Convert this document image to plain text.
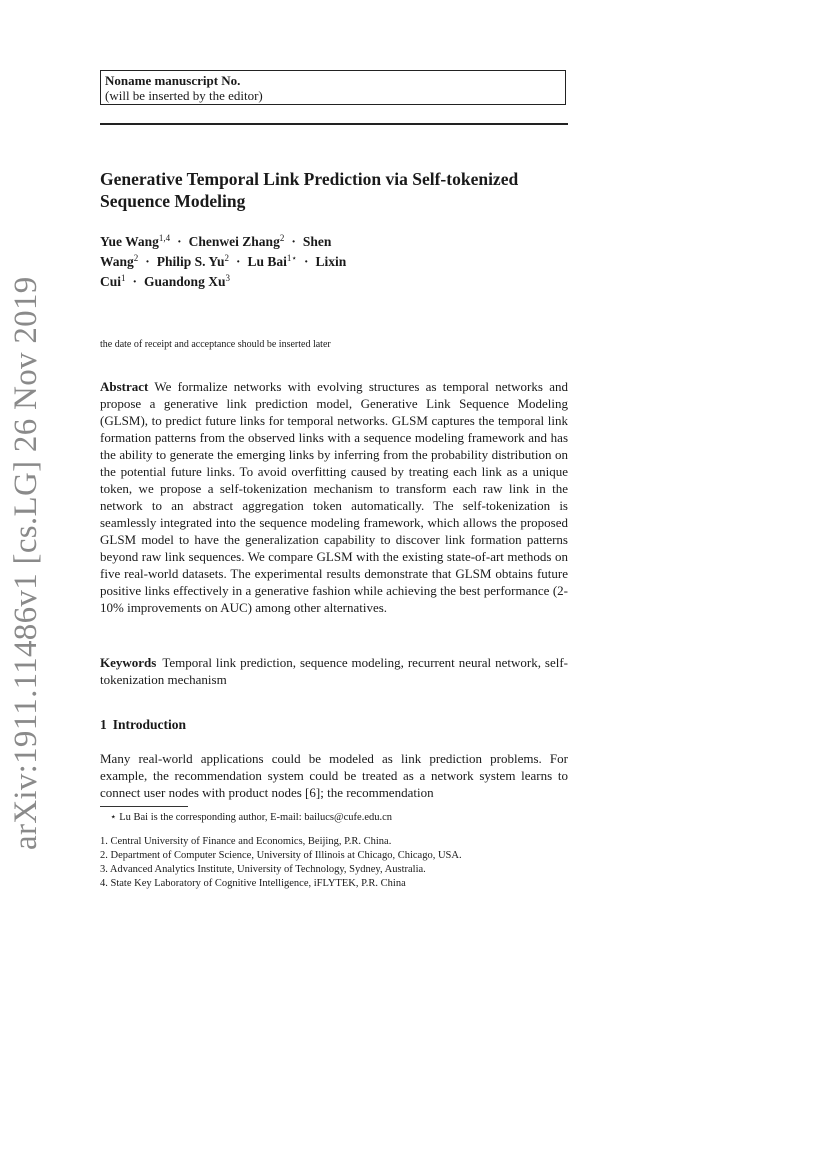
Noname manuscript No.
(will be inserted by the editor)
Generative Temporal Link Prediction via Self-tokenized Sequence Modeling
Yue Wang$^{1,4}$ · Chenwei Zhang$^2$ · Shen Wang$^2$ · Philip S. $Yu^2 \cdot Lu$ Bai$^{1⋆}$ · Lixin Cui$^1$ · Guandong Xu$^3$
the date of receipt and acceptance should be inserted later
Abstract We formalize networks with evolving structures as temporal networks and propose a generative link prediction model, Generative Link Sequence Modeling (GLSM), to predict future links for temporal networks. GLSM captures the temporal link formation patterns from the observed links with a sequence modeling framework and has the ability to generate the emerging links by inferring from the probability distribution on the potential future links. To avoid overfitting caused by treating each link as a unique token, we propose a self-tokenization mechanism to transform each raw link in the network to an abstract aggregation token automatically. The self-tokenization is seamlessly integrated into the sequence modeling framework, which allows the proposed GLSM model to have the generalization capability to discover link formation patterns beyond raw link sequences. We compare GLSM with the existing state-of-art methods on five real-world datasets. The experimental results demonstrate that GLSM obtains future positive links effectively in a generative fashion while achieving the best performance (2-10% improvements on AUC) among other alternatives.
Keywords Temporal link prediction, sequence modeling, recurrent neural network, self-tokenization mechanism
1 Introduction
Many real-world applications could be modeled as link prediction problems. For example, the recommendation system could be treated as a network system learns to connect user nodes with product nodes [6]; the recommendation
⋆ Lu Bai is the corresponding author, E-mail: bailucs@cufe.edu.cn
1. Central University of Finance and Economics, Beijing, P.R. China.
2. Department of Computer Science, University of Illinois at Chicago, Chicago, USA.
3. Advanced Analytics Institute, University of Technology, Sydney, Australia.
4. State Key Laboratory of Cognitive Intelligence, iFLYTEK, P.R. China
arXiv:1911.11486v1 [cs.LG] 26 Nov 2019
